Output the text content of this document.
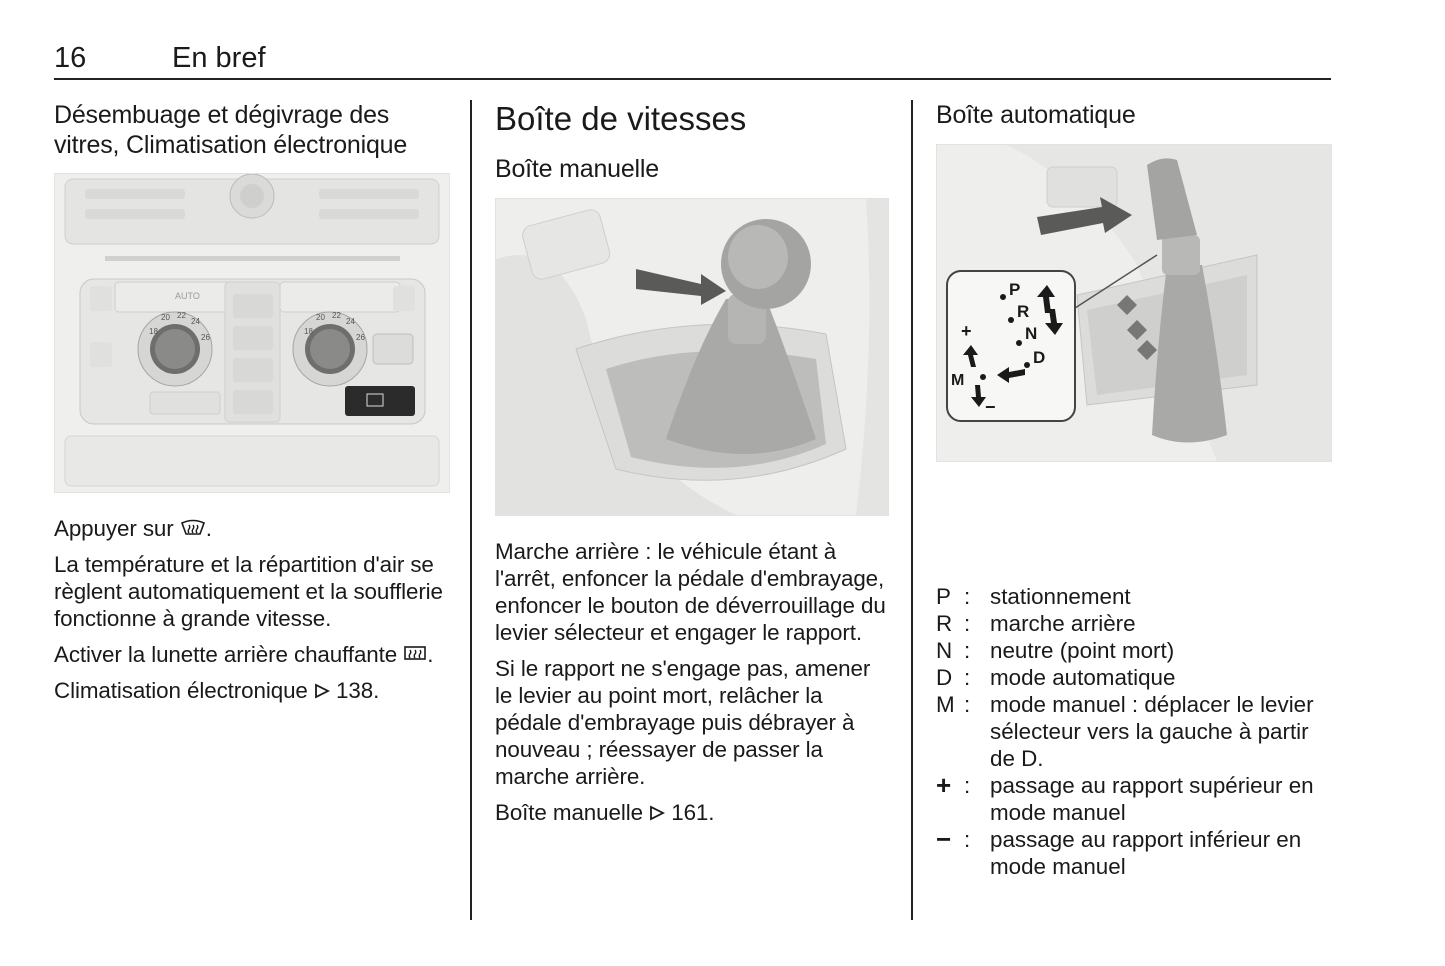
16	En bref
Désembuage et dégivrage des vitres, Climatisation électronique
AUTO
18
20 22
24
26
18
20 22
24
26

Appuyer sur .

La température et la répartition d'air se règlent automatiquement et la soufflerie fonctionne à grande vitesse.

Activer la lunette arrière chauffante .

Climatisation électronique  138.

Boîte de vitesses
Boîte manuelle

Marche arrière : le véhicule étant à l'arrêt, enfoncer la pédale d'embrayage, enfoncer le bouton de déverrouillage du levier sélecteur et engager le rapport.

Si le rapport ne s'engage pas, amener le levier au point mort, relâcher la pédale d'embrayage puis débrayer à nouveau ; réessayer de passer la marche arrière.

Boîte manuelle  161.

Boîte automatique
P
R
N
D
M
+
−
P : stationnement
R : marche arrière
N : neutre (point mort)
D : mode automatique
M : mode manuel : déplacer le levier sélecteur vers la gauche à partir de D.
+ : passage au rapport supérieur en mode manuel
− : passage au rapport inférieur en mode manuel
